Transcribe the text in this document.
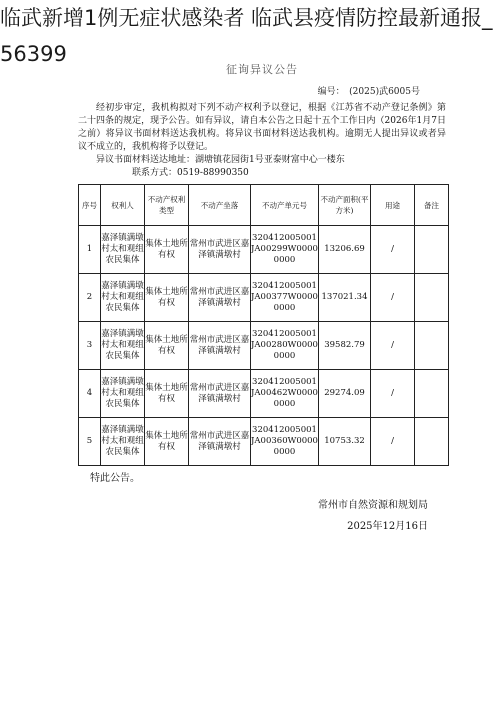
临武新增1例无症状感染者 临武县疫情防控最新通报_56399
征询异议公告
编号：　(2025)武6005号
经初步审定，我机构拟对下列不动产权利予以登记，根据《江苏省不动产登记条例》第二十四条的规定，现予公告。如有异议，请自本公告之日起十五个工作日内（2026年1月7日之前）将异议书面材料送达我机构。将异议书面材料送达我机构。逾期无人提出异议或者异议不成立的，我机构将予以登记。
异议书面材料送达地址：湖塘镇花园街1号亚泰财富中心一楼东
联系方式：0519-88990350
序号	权利人	不动产权利类型	不动产坐落	不动产单元号	不动产面积(平方米)	用途	备注
1	嘉泽镇满墩村太和观组农民集体	集体土地所有权	常州市武进区嘉泽镇满墩村	320412005001JA00299W00000000	13206.69	/	
2	嘉泽镇满墩村太和观组农民集体	集体土地所有权	常州市武进区嘉泽镇满墩村	320412005001JA00377W00000000	137021.34	/	
3	嘉泽镇满墩村太和观组农民集体	集体土地所有权	常州市武进区嘉泽镇满墩村	320412005001JA00280W00000000	39582.79	/	
4	嘉泽镇满墩村太和观组农民集体	集体土地所有权	常州市武进区嘉泽镇满墩村	320412005001JA00462W00000000	29274.09	/	
5	嘉泽镇满墩村太和观组农民集体	集体土地所有权	常州市武进区嘉泽镇满墩村	320412005001JA00360W00000000	10753.32	/	
特此公告。
常州市自然资源和规划局
2025年12月16日
